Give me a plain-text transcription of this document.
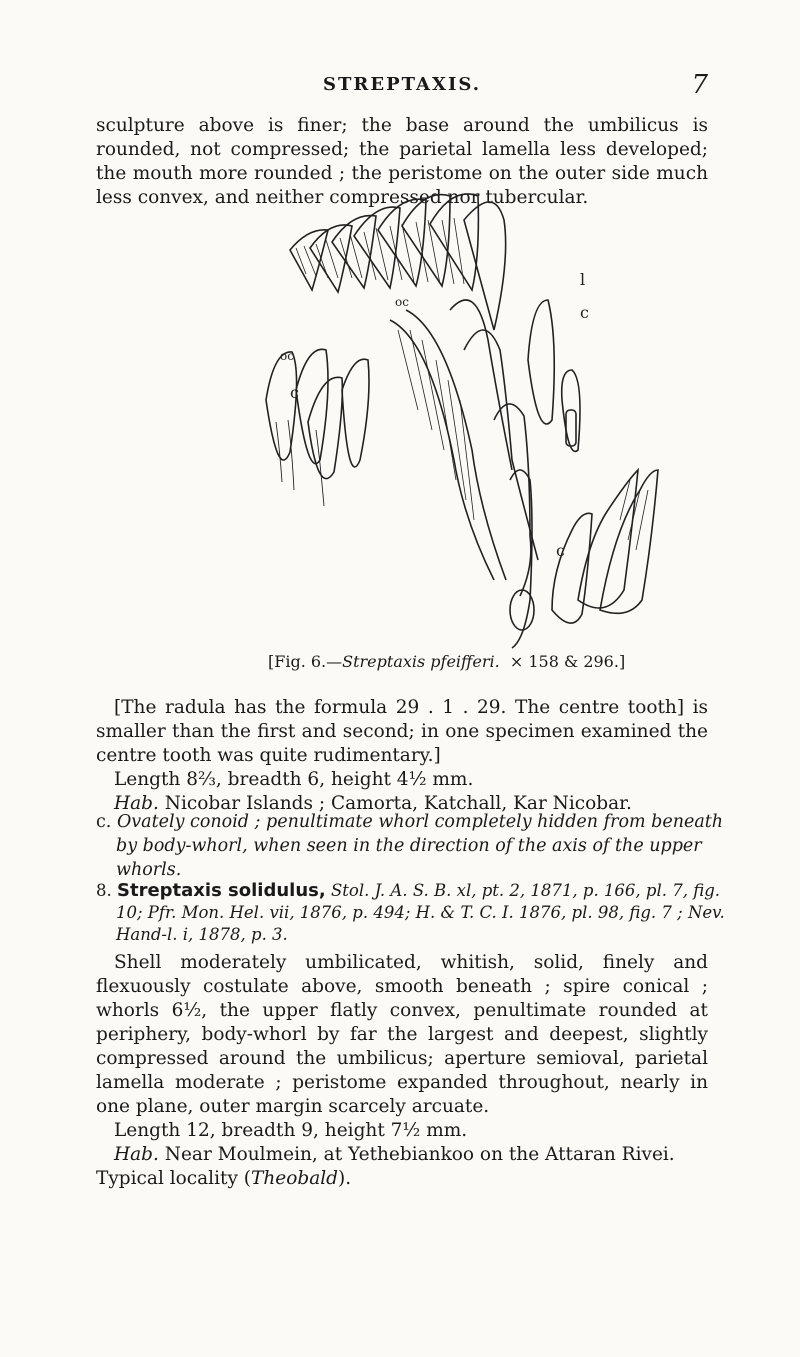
STREPTAXIS.	7
sculpture above is finer; the base around the umbilicus is rounded, not compressed; the parietal lamella less developed; the mouth more rounded ; the peristome on the outer side much less convex, and neither compressed nor tubercular.
l
c
oc
oc
c
c
[Fig. 6.—Streptaxis pfeifferi. × 158 & 296.]
[The radula has the formula 29 . 1 . 29. The centre tooth] is smaller than the first and second; in one specimen examined the centre tooth was quite rudimentary.]
Length 8⅔, breadth 6, height 4½ mm.
Hab. Nicobar Islands ; Camorta, Katchall, Kar Nicobar.
c. Ovately conoid ; penultimate whorl completely hidden from beneath by body-whorl, when seen in the direction of the axis of the upper whorls.
8. Streptaxis solidulus, Stol. J. A. S. B. xl, pt. 2, 1871, p. 166, pl. 7, fig. 10; Pfr. Mon. Hel. vii, 1876, p. 494; H. & T. C. I. 1876, pl. 98, fig. 7 ; Nev. Hand-l. i, 1878, p. 3.
Shell moderately umbilicated, whitish, solid, finely and flexuously costulate above, smooth beneath ; spire conical ; whorls 6½, the upper flatly convex, penultimate rounded at periphery, body-whorl by far the largest and deepest, slightly compressed around the umbilicus; aperture semioval, parietal lamella moderate ; peristome expanded throughout, nearly in one plane, outer margin scarcely arcuate.
Length 12, breadth 9, height 7½ mm.
Hab. Near Moulmein, at Yethebiankoo on the Attaran Rivei.
Typical locality (Theobald).
